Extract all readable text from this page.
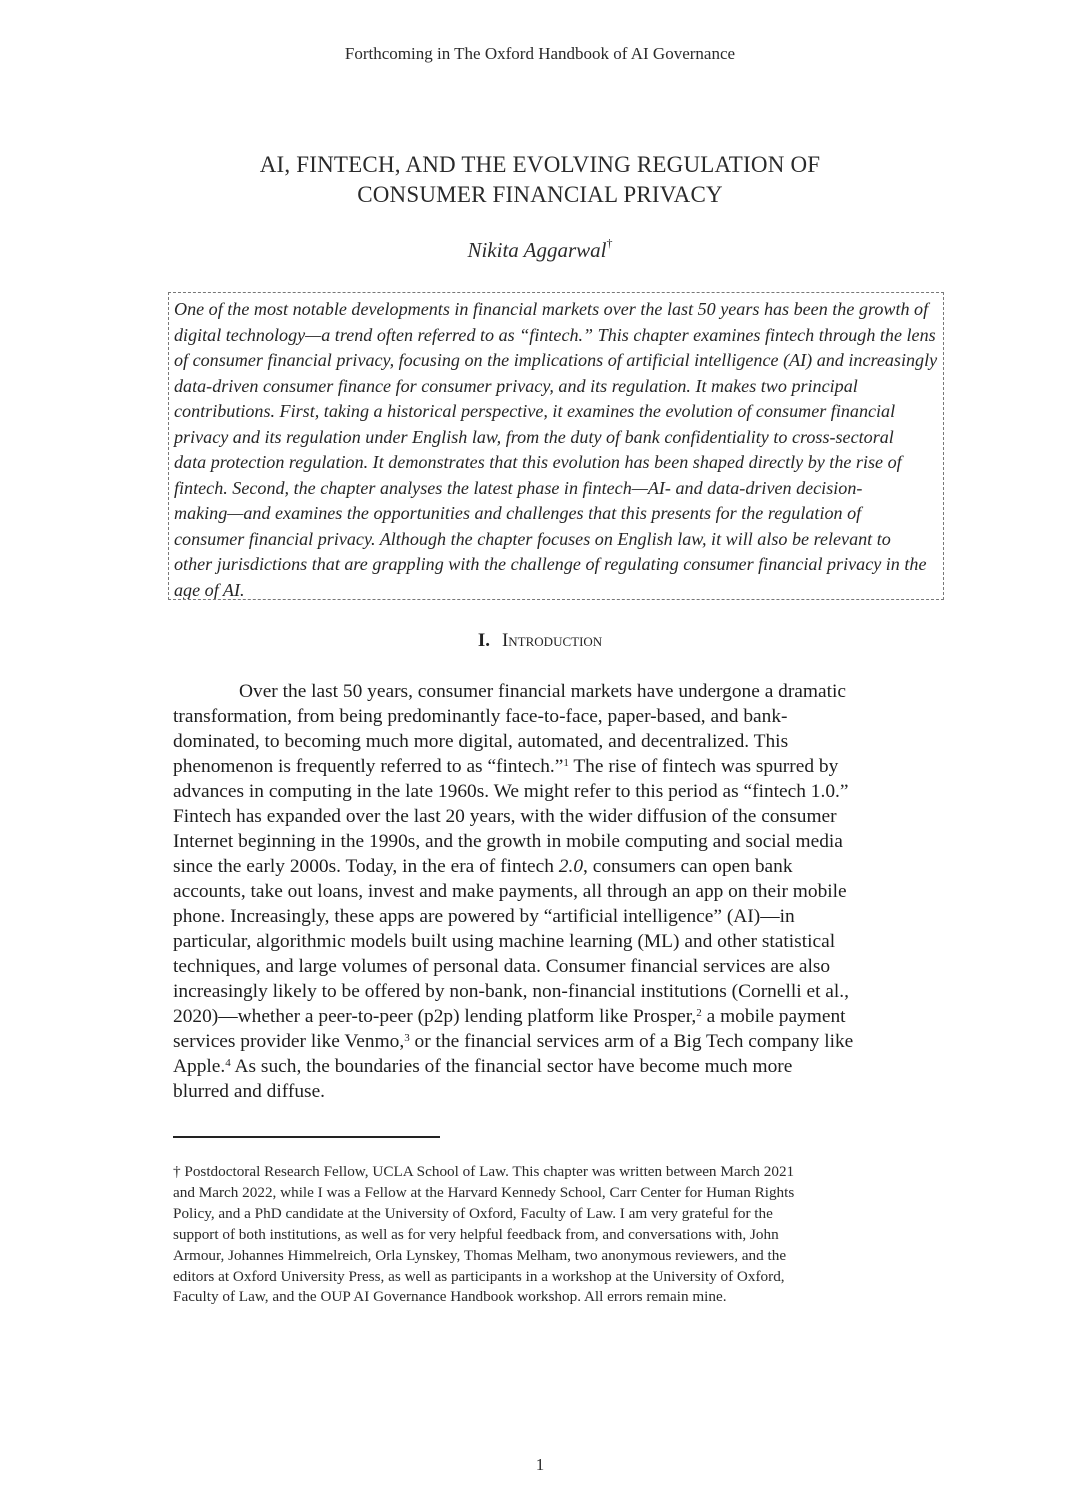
Forthcoming in The Oxford Handbook of AI Governance
AI, FINTECH, AND THE EVOLVING REGULATION OF
CONSUMER FINANCIAL PRIVACY
Nikita Aggarwal†
One of the most notable developments in financial markets over the last 50 years has been the growth of
digital technology—a trend often referred to as “fintech.” This chapter examines fintech through the lens
of consumer financial privacy, focusing on the implications of artificial intelligence (AI) and increasingly
data-driven consumer finance for consumer privacy, and its regulation. It makes two principal
contributions. First, taking a historical perspective, it examines the evolution of consumer financial
privacy and its regulation under English law, from the duty of bank confidentiality to cross-sectoral
data protection regulation. It demonstrates that this evolution has been shaped directly by the rise of
fintech. Second, the chapter analyses the latest phase in fintech—AI- and data-driven decision-
making—and examines the opportunities and challenges that this presents for the regulation of
consumer financial privacy. Although the chapter focuses on English law, it will also be relevant to
other jurisdictions that are grappling with the challenge of regulating consumer financial privacy in the
age of AI.
I. Introduction
Over the last 50 years, consumer financial markets have undergone a dramatic
transformation, from being predominantly face-to-face, paper-based, and bank-
dominated, to becoming much more digital, automated, and decentralized. This
phenomenon is frequently referred to as “fintech.”$^1$ The rise of fintech was spurred by
advances in computing in the late 1960s. We might refer to this period as “fintech 1.0.”
Fintech has expanded over the last 20 years, with the wider diffusion of the consumer
Internet beginning in the 1990s, and the growth in mobile computing and social media
since the early 2000s. Today, in the era of fintech 2.0, consumers can open bank
accounts, take out loans, invest and make payments, all through an app on their mobile
phone. Increasingly, these apps are powered by “artificial intelligence” (AI)—in
particular, algorithmic models built using machine learning (ML) and other statistical
techniques, and large volumes of personal data. Consumer financial services are also
increasingly likely to be offered by non-bank, non-financial institutions (Cornelli et al.,
2020)—whether a peer-to-peer (p2p) lending platform like Prosper,$^2$ a mobile payment
services provider like Venmo,$^3$ or the financial services arm of a Big Tech company like
Apple.$^4$ As such, the boundaries of the financial sector have become much more
blurred and diffuse.
† Postdoctoral Research Fellow, UCLA School of Law. This chapter was written between March 2021
and March 2022, while I was a Fellow at the Harvard Kennedy School, Carr Center for Human Rights
Policy, and a PhD candidate at the University of Oxford, Faculty of Law. I am very grateful for the
support of both institutions, as well as for very helpful feedback from, and conversations with, John
Armour, Johannes Himmelreich, Orla Lynskey, Thomas Melham, two anonymous reviewers, and the
editors at Oxford University Press, as well as participants in a workshop at the University of Oxford,
Faculty of Law, and the OUP AI Governance Handbook workshop. All errors remain mine.
1
